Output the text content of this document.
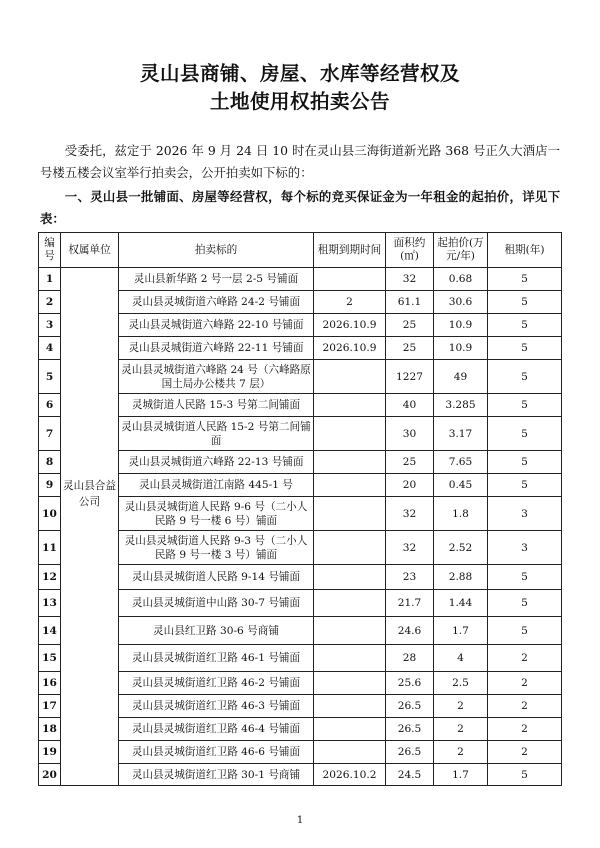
灵山县商铺、房屋、水库等经营权及
土地使用权拍卖公告
受委托，兹定于 2026 年 9 月 24 日 10 时在灵山县三海街道新光路 368 号正久大酒店一号楼五楼会议室举行拍卖会，公开拍卖如下标的：
一、灵山县一批铺面、房屋等经营权，每个标的竞买保证金为一年租金的起拍价，详见下表：
编号	权属单位	拍卖标的	租期到期时间	面积约(㎡)	起拍价(万元/年)	租期(年)
1	灵山县合益公司	灵山县新华路 2 号一层 2-5 号铺面		32	0.68	5
2		灵山县灵城街道六峰路 24-2 号铺面	2	61.1	30.6	5
3		灵山县灵城街道六峰路 22-10 号铺面	2026.10.9	25	10.9	5
4		灵山县灵城街道六峰路 22-11 号铺面	2026.10.9	25	10.9	5
5		灵山县灵城街道六峰路 24 号（六峰路原国土局办公楼共 7 层）		1227	49	5
6		灵城街道人民路 15-3 号第二间铺面		40	3.285	5
7		灵山县灵城街道人民路 15-2 号第二间铺面		30	3.17	5
8		灵山县灵城街道六峰路 22-13 号铺面		25	7.65	5
9		灵山县灵城街道江南路 445-1 号		20	0.45	5
10		灵山县灵城街道人民路 9-6 号（二小人民路 9 号一楼 6 号）铺面		32	1.8	3
11		灵山县灵城街道人民路 9-3 号（二小人民路 9 号一楼 3 号）铺面		32	2.52	3
12		灵山县灵城街道人民路 9-14 号铺面		23	2.88	5
13		灵山县灵城街道中山路 30-7 号铺面		21.7	1.44	5
14		灵山县红卫路 30-6 号商铺		24.6	1.7	5
15		灵山县灵城街道红卫路 46-1 号铺面		28	4	2
16		灵山县灵城街道红卫路 46-2 号铺面		25.6	2.5	2
17		灵山县灵城街道红卫路 46-3 号铺面		26.5	2	2
18		灵山县灵城街道红卫路 46-4 号铺面		26.5	2	2
19		灵山县灵城街道红卫路 46-6 号铺面		26.5	2	2
20		灵山县灵城街道红卫路 30-1 号商铺	2026.10.2	24.5	1.7	5
1
